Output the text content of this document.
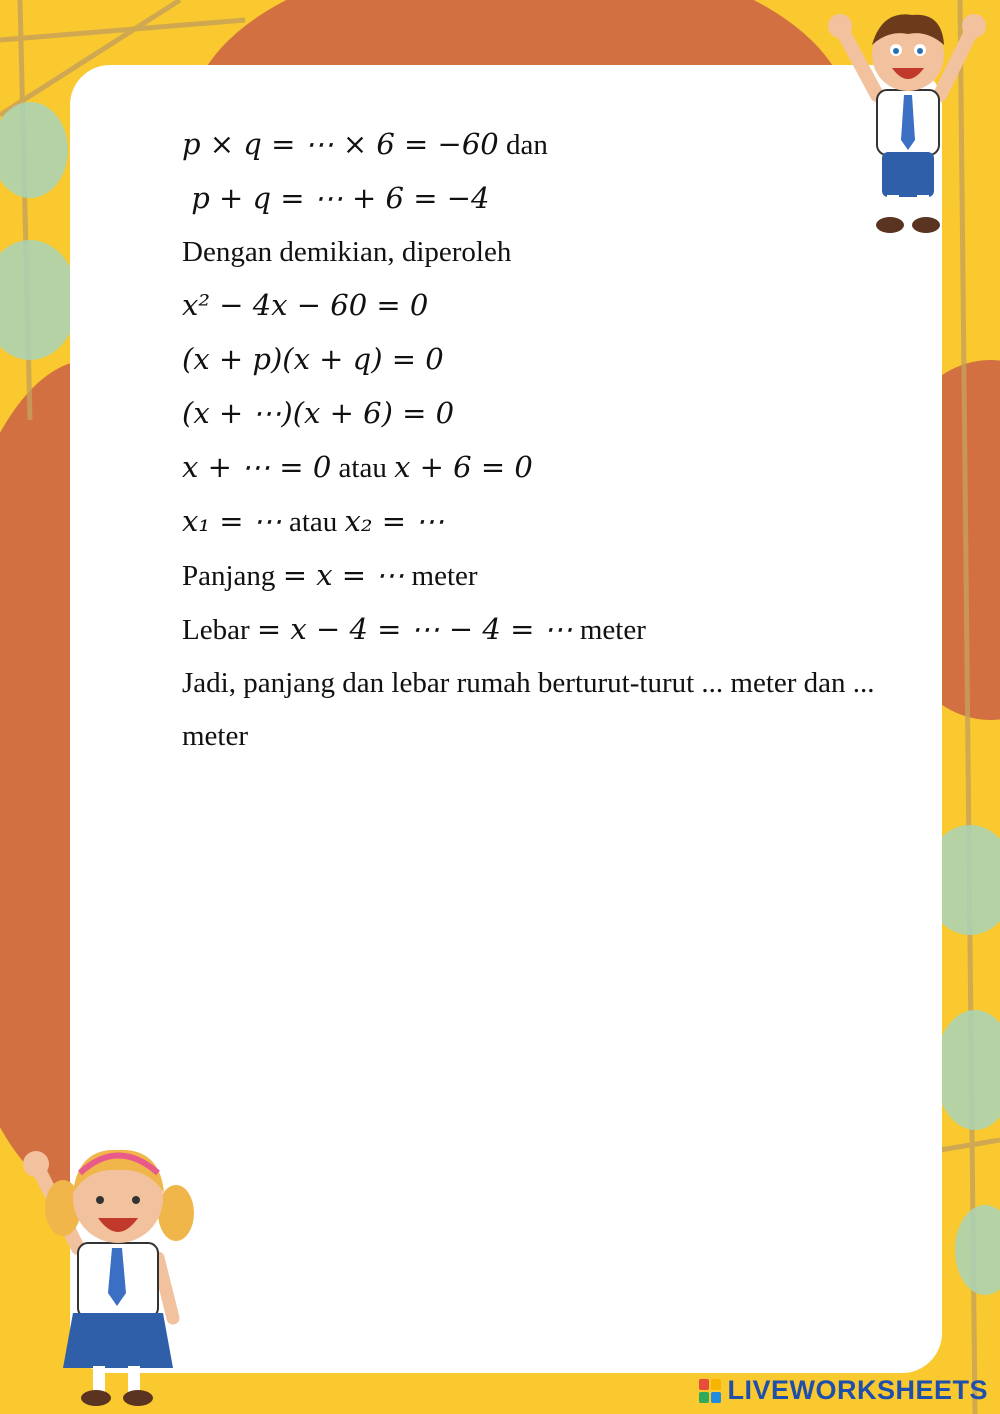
p × q = ⋯ × 6 = −60 dan
p + q = ⋯ + 6 = −4
Dengan demikian, diperoleh
x² − 4x − 60 = 0
(x + p)(x + q) = 0
(x + ⋯)(x + 6) = 0
x + ⋯ = 0 atau x + 6 = 0
x₁ = ⋯ atau x₂ = ⋯
Panjang = x = ⋯ meter
Lebar = x − 4 = ⋯ − 4 = ⋯ meter
Jadi, panjang dan lebar rumah berturut-turut ... meter dan ... meter
LIVEWORKSHEETS
